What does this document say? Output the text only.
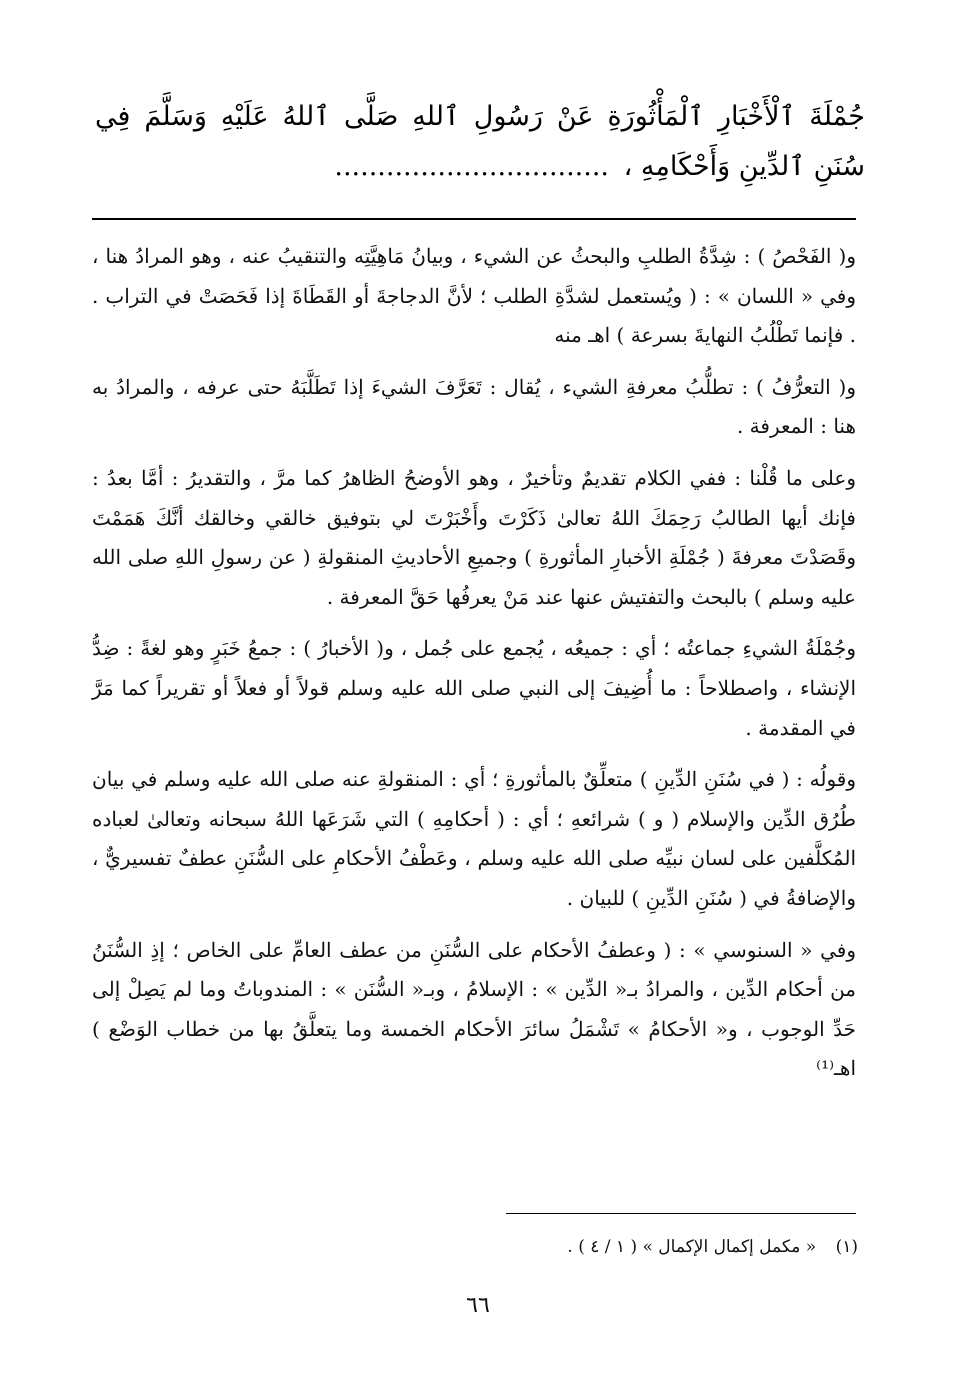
جُمْلَةَ ٱلْأَخْبَارِ ٱلْمَأْثُورَةِ عَنْ رَسُولِ ٱللهِ صَلَّى ٱللهُ عَلَيْهِ وَسَلَّمَ فِي سُنَنِ ٱلدِّينِ وَأَحْكَامِهِ ، ................................

و( الفَحْصُ ) : شِدَّةُ الطلبِ والبحثُ عن الشيء ، وبيانُ مَاهِيَّتِه والتنقيبُ عنه ، وهو المرادُ هنا ، وفي « اللسان » : ( ويُستعمل لشدَّةِ الطلب ؛ لأنَّ الدجاجةَ أو القَطَاةَ إذا فَحَصَتْ في التراب . . فإنما تَطْلُبُ النهايةَ بسرعة ) اهـ منه

و( التعرُّفُ ) : تطلُّبُ معرفةِ الشيء ، يُقال : تَعَرَّفَ الشيءَ إذا تَطَلَّبَهُ حتى عرفه ، والمرادُ به هنا : المعرفة .

وعلى ما قُلْنا : ففي الكلام تقديمٌ وتأخيرٌ ، وهو الأوضحُ الظاهرُ كما مرَّ ، والتقديرُ : أمَّا بعدُ : فإنك أيها الطالبُ رَحِمَكَ اللهُ تعالىٰ ذَكَرْتَ وأَخْبَرْتَ لي بتوفيق خالقي وخالقك أنَّكَ هَمَمْتَ وقَصَدْتَ معرفةَ ( جُمْلَةِ الأخبارِ المأثورةِ ) وجميعِ الأحاديثِ المنقولةِ ( عن رسولِ اللهِ صلى الله عليه وسلم ) بالبحث والتفتيش عنها عند مَنْ يعرفُها حَقَّ المعرفة .

وجُمْلَةُ الشيءِ جماعتُه ؛ أي : جميعُه ، يُجمع على جُمل ، و( الأخبارُ ) : جمعُ خَبَرٍ وهو لغةً : ضِدُّ الإنشاء ، واصطلاحاً : ما أُضِيفَ إلى النبي صلى الله عليه وسلم قولاً أو فعلاً أو تقريراً كما مَرَّ في المقدمة .

وقولُه : ( في سُنَنِ الدِّينِ ) متعلِّقٌ بالمأثورةِ ؛ أي : المنقولةِ عنه صلى الله عليه وسلم في بيان طُرُق الدِّين والإسلام ( و ) شرائعهِ ؛ أي : ( أحكامِهِ ) التي شَرَعَها اللهُ سبحانه وتعالىٰ لعباده المُكلَّفين على لسان نبيِّه صلى الله عليه وسلم ، وعَطْفُ الأحكامِ على السُّنَنِ عطفٌ تفسيريٌّ ، والإضافةُ في ( سُنَنِ الدِّينِ ) للبيان .

وفي « السنوسي » : ( وعطفُ الأحكام على السُّنَنِ من عطف العامِّ على الخاص ؛ إذِ السُّنَنُ من أحكام الدِّين ، والمرادُ بـ« الدِّين » : الإسلامُ ، وبـ« السُّنَن » : المندوباتُ وما لم يَصِلْ إلى حَدِّ الوجوب ، و« الأحكامُ » تَشْمَلُ سائرَ الأحكام الخمسة وما يتعلَّقُ بها من خطاب الوَضْع ) اهـ⁽¹⁾

(١) « مكمل إكمال الإكمال » ( ١ / ٤ ) .
٦٦
